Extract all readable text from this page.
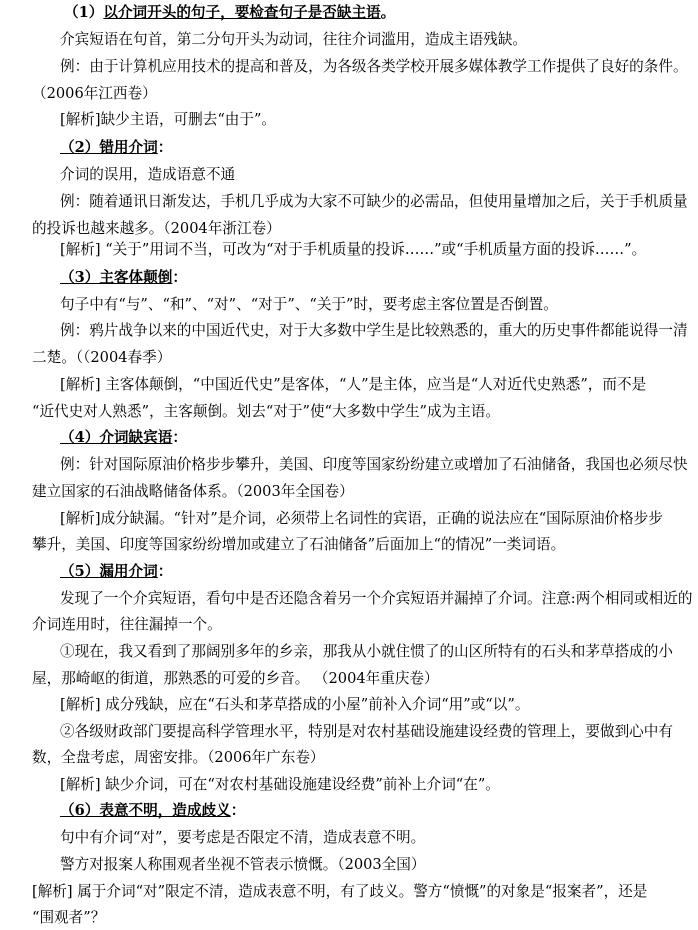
（1）以介词开头的句子，要检查句子是否缺主语。
介宾短语在句首，第二分句开头为动词，往往介词滥用，造成主语残缺。
例：由于计算机应用技术的提高和普及，为各级各类学校开展多媒体教学工作提供了良好的条件。
（2006年江西卷）
[解析]缺少主语，可删去“由于”。
（2）错用介词：
介词的误用，造成语意不通
例：随着通讯日渐发达，手机几乎成为大家不可缺少的必需品，但使用量增加之后，关于手机质量
的投诉也越来越多。（2004年浙江卷）
[解析] “关于”用词不当，可改为“对于手机质量的投诉……”或“手机质量方面的投诉……”。
（3）主客体颠倒：
句子中有“与”、“和”、“对”、“对于”、“关于”时，要考虑主客位置是否倒置。
例：鸦片战争以来的中国近代史，对于大多数中学生是比较熟悉的，重大的历史事件都能说得一清
二楚。（（2004春季）
[解析] 主客体颠倒，“中国近代史”是客体，“人”是主体，应当是“人对近代史熟悉”，而不是
“近代史对人熟悉”，主客颠倒。划去“对于”使“大多数中学生”成为主语。
（4）介词缺宾语：
例：针对国际原油价格步步攀升，美国、印度等国家纷纷建立或增加了石油储备，我国也必须尽快
建立国家的石油战略储备体系。（2003年全国卷）
[解析]成分缺漏。“针对”是介词，必须带上名词性的宾语，正确的说法应在“国际原油价格步步
攀升，美国、印度等国家纷纷增加或建立了石油储备”后面加上“的情况”一类词语。
（5）漏用介词：
发现了一个介宾短语，看句中是否还隐含着另一个介宾短语并漏掉了介词。注意:两个相同或相近的
介词连用时，往往漏掉一个。
①现在，我又看到了那阔别多年的乡亲，那我从小就住惯了的山区所特有的石头和茅草搭成的小
屋，那崎岖的街道，那熟悉的可爱的乡音。 （2004年重庆卷）
[解析] 成分残缺，应在“石头和茅草搭成的小屋”前补入介词“用”或“以”。
②各级财政部门要提高科学管理水平，特别是对农村基础设施建设经费的管理上，要做到心中有
数，全盘考虑，周密安排。（2006年广东卷）
[解析] 缺少介词，可在“对农村基础设施建设经费”前补上介词“在”。
（6）表意不明，造成歧义：
句中有介词“对”，要考虑是否限定不清，造成表意不明。
警方对报案人称围观者坐视不管表示愤慨。（2003全国）
[解析] 属于介词“对”限定不清，造成表意不明，有了歧义。警方“愤慨”的对象是“报案者”，还是
“围观者”？
